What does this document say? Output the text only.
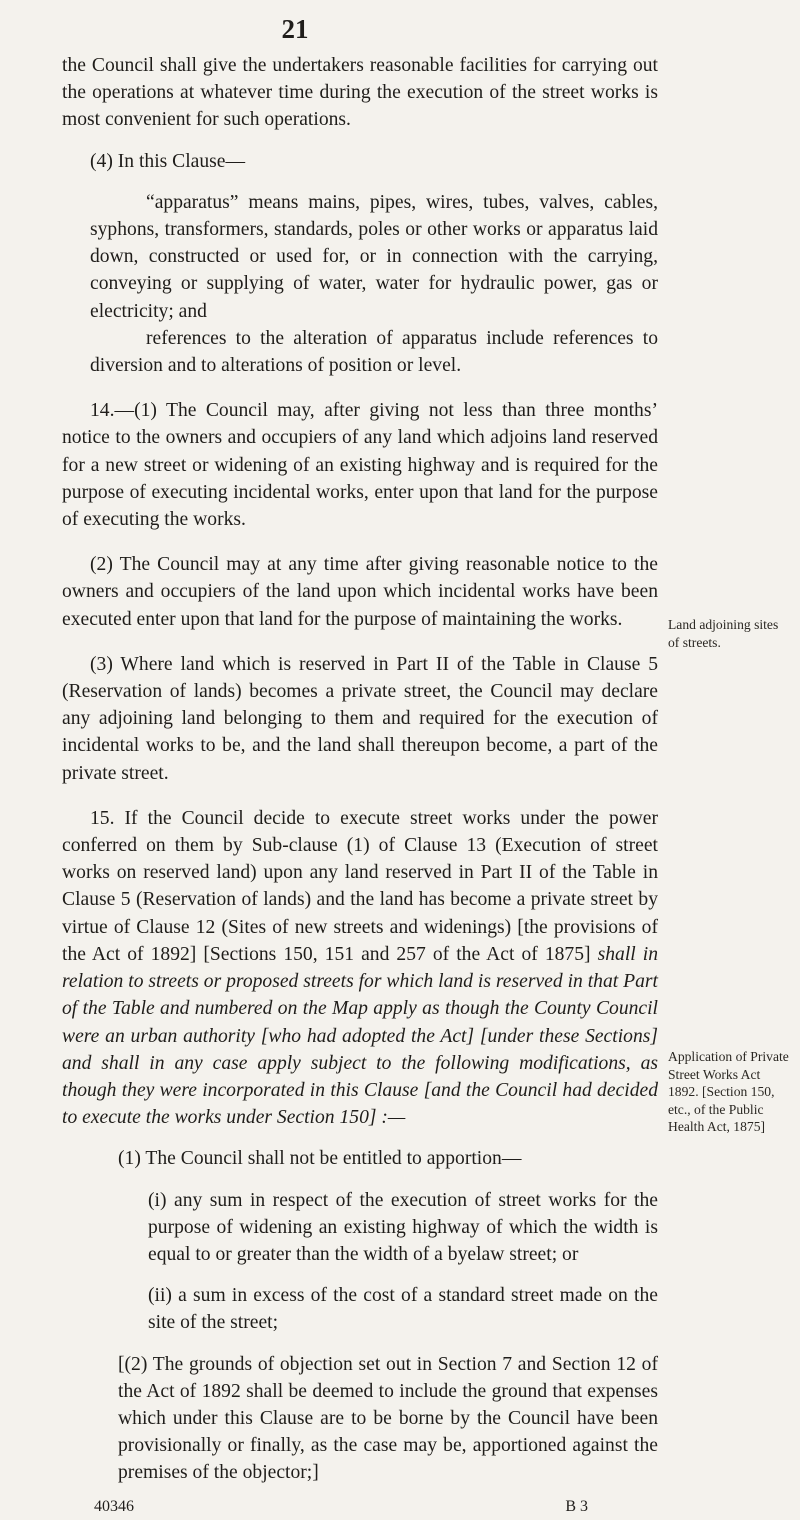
21

the Council shall give the undertakers reasonable facilities for carrying out the operations at whatever time during the execution of the street works is most convenient for such operations.

(4) In this Clause—

“apparatus” means mains, pipes, wires, tubes, valves, cables, syphons, transformers, standards, poles or other works or apparatus laid down, constructed or used for, or in connection with the carrying, conveying or supplying of water, water for hydraulic power, gas or electricity; and

references to the alteration of apparatus include references to diversion and to alterations of position or level.

14.—(1) The Council may, after giving not less than three months’ notice to the owners and occupiers of any land which adjoins land reserved for a new street or widening of an existing highway and is required for the purpose of executing incidental works, enter upon that land for the purpose of executing the works.

(2) The Council may at any time after giving reasonable notice to the owners and occupiers of the land upon which incidental works have been executed enter upon that land for the purpose of maintaining the works.

(3) Where land which is reserved in Part II of the Table in Clause 5 (Reservation of lands) becomes a private street, the Council may declare any adjoining land belonging to them and required for the execution of incidental works to be, and the land shall thereupon become, a part of the private street.

15. If the Council decide to execute street works under the power conferred on them by Sub-clause (1) of Clause 13 (Execution of street works on reserved land) upon any land reserved in Part II of the Table in Clause 5 (Reservation of lands) and the land has become a private street by virtue of Clause 12 (Sites of new streets and widenings) [the provisions of the Act of 1892] [Sections 150, 151 and 257 of the Act of 1875] shall in relation to streets or proposed streets for which land is reserved in that Part of the Table and numbered on the Map apply as though the County Council were an urban authority [who had adopted the Act] [under these Sections] and shall in any case apply subject to the following modifications, as though they were incorporated in this Clause [and the Council had decided to execute the works under Section 150] :—

(1) The Council shall not be entitled to apportion—

(i) any sum in respect of the execution of street works for the purpose of widening an existing highway of which the width is equal to or greater than the width of a byelaw street; or

(ii) a sum in excess of the cost of a standard street made on the site of the street;

[(2) The grounds of objection set out in Section 7 and Section 12 of the Act of 1892 shall be deemed to include the ground that expenses which under this Clause are to be borne by the Council have been provisionally or finally, as the case may be, apportioned against the premises of the objector;]

40346	B 3

Land adjoining sites of streets.
Application of Private Street Works Act 1892. [Section 150, etc., of the Public Health Act, 1875]
